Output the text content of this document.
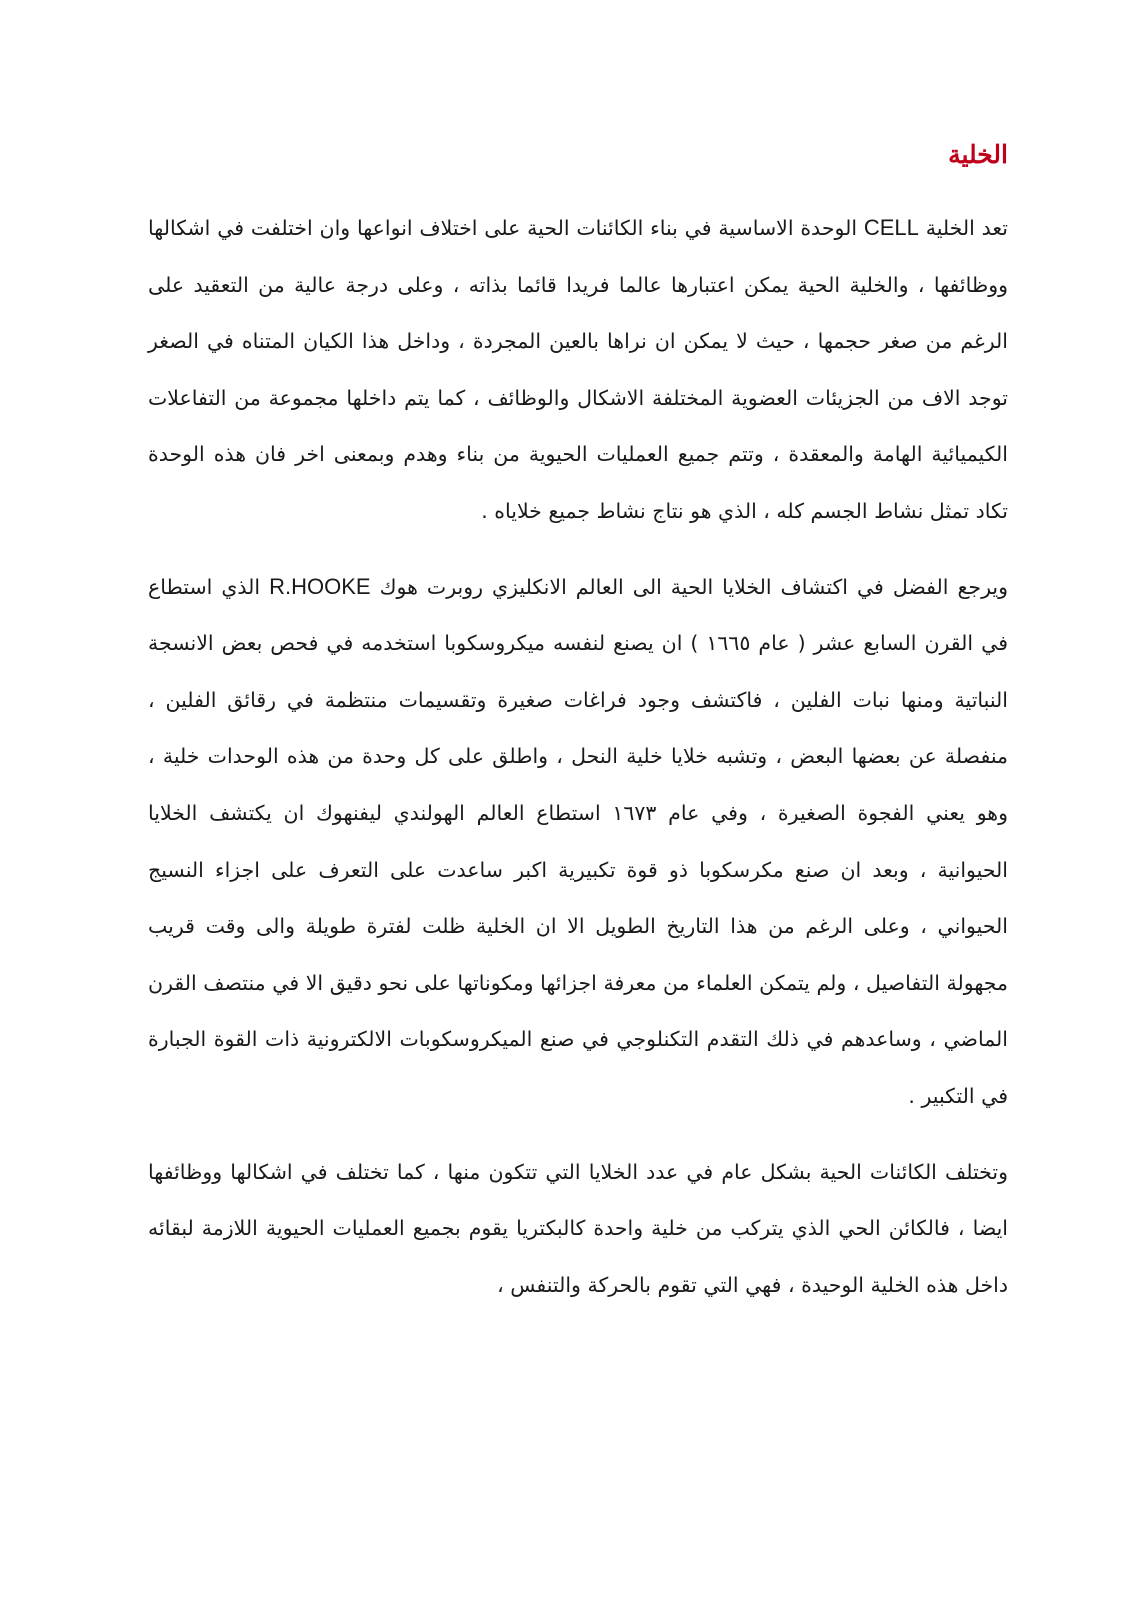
الخلية

تعد الخلية CELL الوحدة الاساسية في بناء الكائنات الحية على اختلاف انواعها وان اختلفت في اشكالها ووظائفها ، والخلية الحية يمكن اعتبارها عالما فريدا قائما بذاته ، وعلى درجة عالية من التعقيد على الرغم من صغر حجمها ، حيث لا يمكن ان نراها بالعين المجردة ، وداخل هذا الكيان المتناه في الصغر توجد الاف من الجزيئات العضوية المختلفة الاشكال والوظائف ، كما يتم داخلها مجموعة من التفاعلات الكيميائية الهامة والمعقدة ، وتتم جميع العمليات الحيوية من بناء وهدم وبمعنى اخر فان هذه الوحدة تكاد تمثل نشاط الجسم كله ، الذي هو نتاج نشاط جميع خلاياه .

ويرجع الفضل في اكتشاف الخلايا الحية الى العالم الانكليزي روبرت هوك R.HOOKE الذي استطاع في القرن السابع عشر ( عام ١٦٦٥ ) ان يصنع لنفسه ميكروسكوبا استخدمه في فحص بعض الانسجة النباتية ومنها نبات الفلين ، فاكتشف وجود فراغات صغيرة وتقسيمات منتظمة في رقائق الفلين ، منفصلة عن بعضها البعض ، وتشبه خلايا خلية النحل ، واطلق على كل وحدة من هذه الوحدات خلية ، وهو يعني الفجوة الصغيرة ، وفي عام ١٦٧٣ استطاع العالم الهولندي ليفنهوك ان يكتشف الخلايا الحيوانية ، وبعد ان صنع مكرسكوبا ذو قوة تكبيرية اكبر ساعدت على التعرف على اجزاء النسيج الحيواني ، وعلى الرغم من هذا التاريخ الطويل الا ان الخلية ظلت لفترة طويلة والى وقت قريب مجهولة التفاصيل ، ولم يتمكن العلماء من معرفة اجزائها ومكوناتها على نحو دقيق الا في منتصف القرن الماضي ، وساعدهم في ذلك التقدم التكنلوجي في صنع الميكروسكوبات الالكترونية ذات القوة الجبارة في التكبير .

وتختلف الكائنات الحية بشكل عام في عدد الخلايا التي تتكون منها ، كما تختلف في اشكالها ووظائفها ايضا ، فالكائن الحي الذي يتركب من خلية واحدة كالبكتريا يقوم بجميع العمليات الحيوية اللازمة لبقائه داخل هذه الخلية الوحيدة ، فهي التي تقوم بالحركة والتنفس ،
